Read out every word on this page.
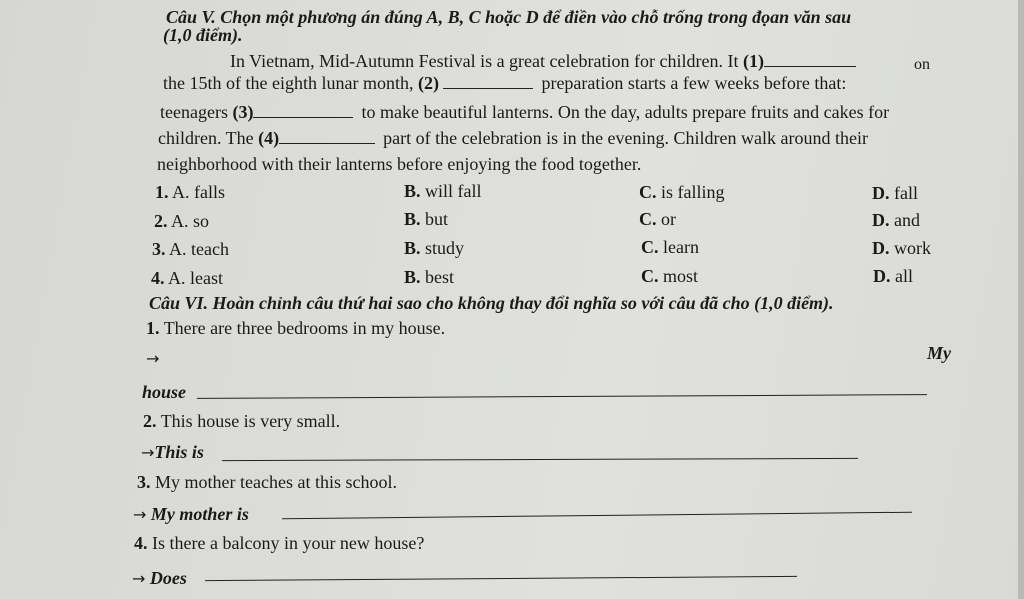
Câu V. Chọn một phương án đúng A, B, C hoặc D để điền vào chỗ trống trong đọan văn sau
(1,0 điểm).
In Vietnam, Mid-Autumn Festival is a great celebration for children. It (1)	on
the 15th of the eighth lunar month, (2)	preparation starts a few weeks before that:
teenagers (3)	to make beautiful lanterns. On the day, adults prepare fruits and cakes for
children. The (4)	part of the celebration is in the evening. Children walk around their
neighborhood with their lanterns before enjoying the food together.
1. A. falls	B. will fall	C. is falling	D. fall
2. A. so	B. but	C. or	D. and
3. A. teach	B. study	C. learn	D. work
4. A. least	B. best	C. most	D. all
Câu VI. Hoàn chỉnh câu thứ hai sao cho không thay đổi nghĩa so với câu đã cho (1,0 điểm).
1. There are three bedrooms in my house.
→	My
house
2. This house is very small.
→This is
3. My mother teaches at this school.
→ My mother is
4. Is there a balcony in your new house?
→ Does
